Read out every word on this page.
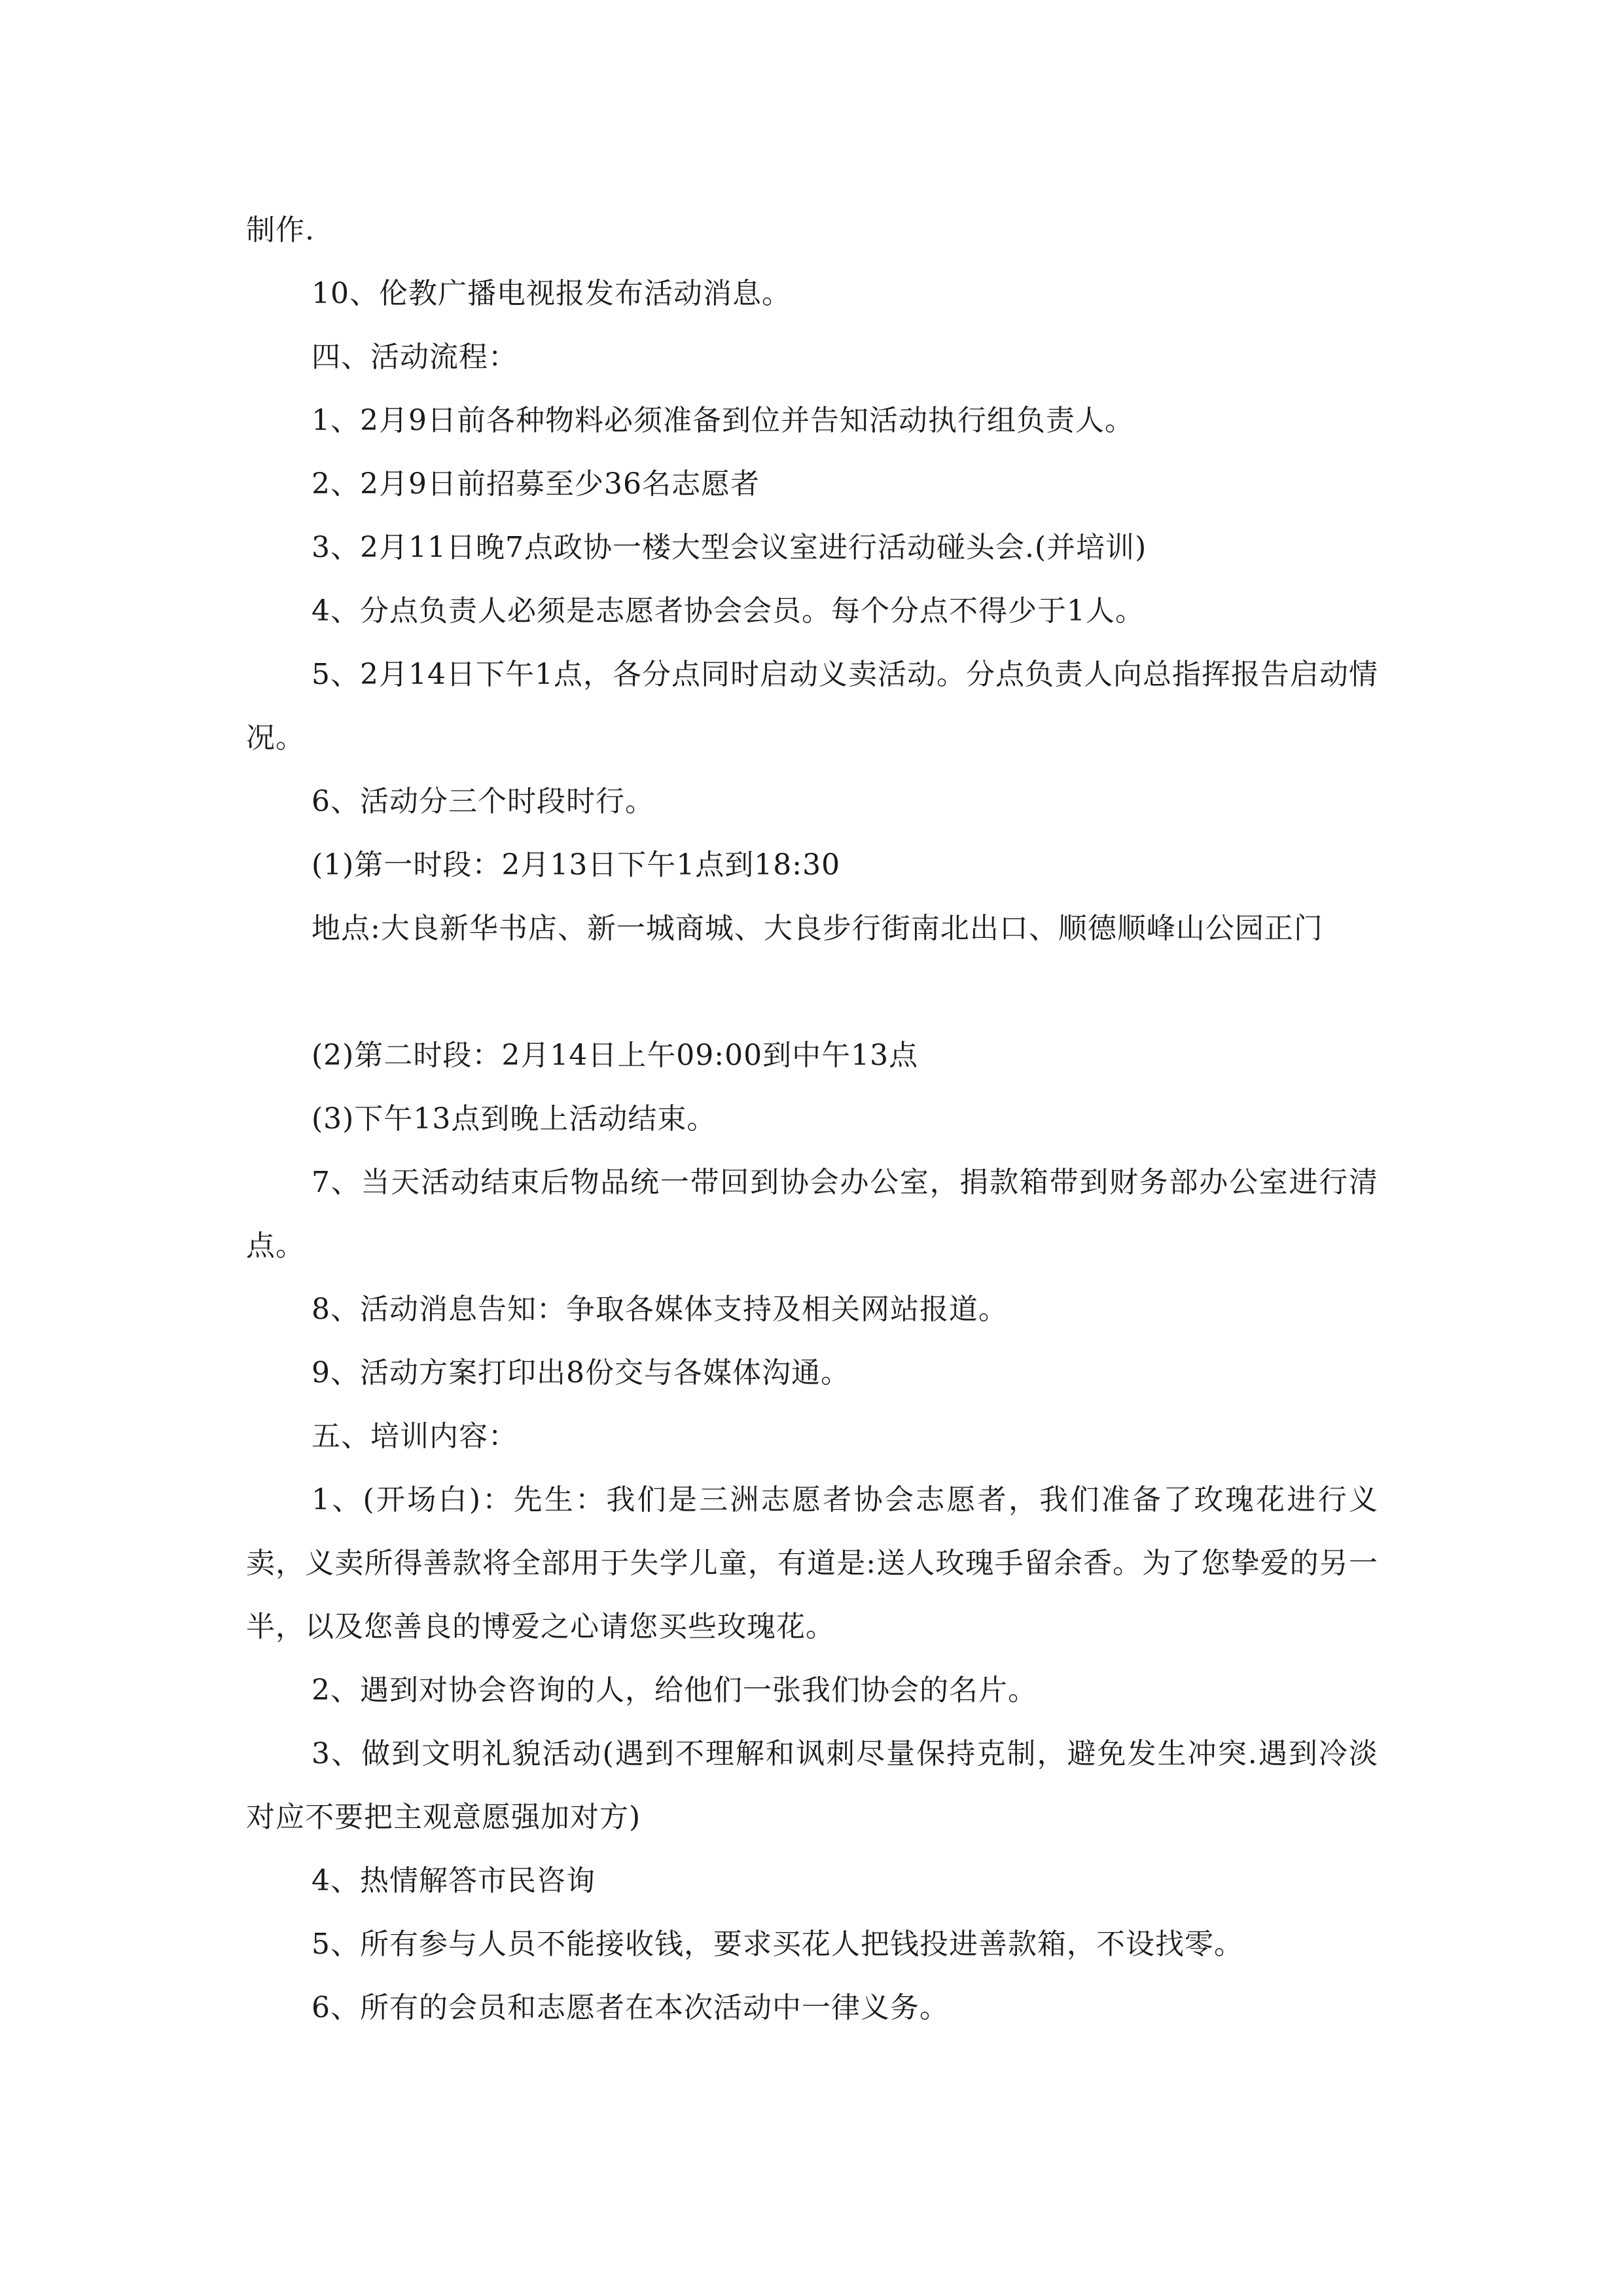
制作.

10、伦教广播电视报发布活动消息。

四、活动流程：

1、2月9日前各种物料必须准备到位并告知活动执行组负责人。

2、2月9日前招募至少36名志愿者

3、2月11日晚7点政协一楼大型会议室进行活动碰头会.(并培训)

4、分点负责人必须是志愿者协会会员。每个分点不得少于1人。

5、2月14日下午1点，各分点同时启动义卖活动。分点负责人向总指挥报告启动情况。

6、活动分三个时段时行。

(1)第一时段：2月13日下午1点到18:30

地点:大良新华书店、新一城商城、大良步行街南北出口、顺德顺峰山公园正门

(2)第二时段：2月14日上午09:00到中午13点

(3)下午13点到晚上活动结束。

7、当天活动结束后物品统一带回到协会办公室，捐款箱带到财务部办公室进行清点。

8、活动消息告知：争取各媒体支持及相关网站报道。

9、活动方案打印出8份交与各媒体沟通。

五、培训内容：

1、(开场白)：先生：我们是三洲志愿者协会志愿者，我们准备了玫瑰花进行义卖，义卖所得善款将全部用于失学儿童，有道是:送人玫瑰手留余香。为了您挚爱的另一半，以及您善良的博爱之心请您买些玫瑰花。

2、遇到对协会咨询的人，给他们一张我们协会的名片。

3、做到文明礼貌活动(遇到不理解和讽刺尽量保持克制，避免发生冲突.遇到冷淡对应不要把主观意愿强加对方)

4、热情解答市民咨询

5、所有参与人员不能接收钱，要求买花人把钱投进善款箱，不设找零。

6、所有的会员和志愿者在本次活动中一律义务。
